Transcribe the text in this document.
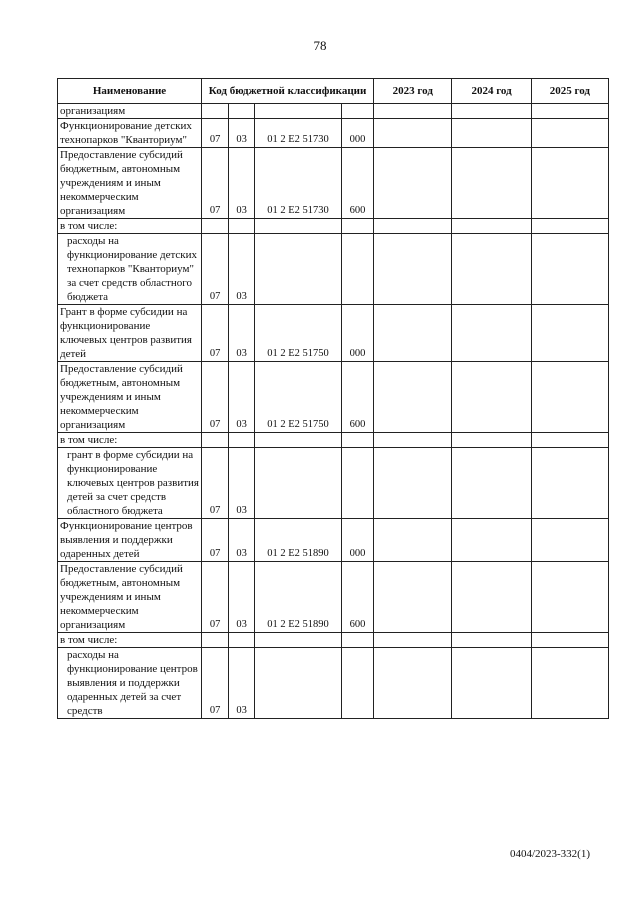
78
Наименование	Код бюджетной классификации				2023 год	2024 год	2025 год
организациям							
Функционирование детских технопарков "Кванториум"	07	03	01 2 E2 51730	000			
Предоставление субсидий бюджетным, автономным учреждениям и иным некоммерческим организациям	07	03	01 2 E2 51730	600			
в том числе:							
расходы на функционирование детских технопарков "Кванториум" за счет средств областного бюджета	07	03					
Грант в форме субсидии на функционирование ключевых центров развития детей	07	03	01 2 E2 51750	000			
Предоставление субсидий бюджетным, автономным учреждениям и иным некоммерческим организациям	07	03	01 2 E2 51750	600			
в том числе:							
грант в форме субсидии на функционирование ключевых центров развития детей за счет средств областного бюджета	07	03					
Функционирование центров выявления и поддержки одаренных детей	07	03	01 2 E2 51890	000			
Предоставление субсидий бюджетным, автономным учреждениям и иным некоммерческим организациям	07	03	01 2 E2 51890	600			
в том числе:							
расходы на функционирование центров выявления и поддержки одаренных детей за счет средств	07	03					
0404/2023-332(1)
